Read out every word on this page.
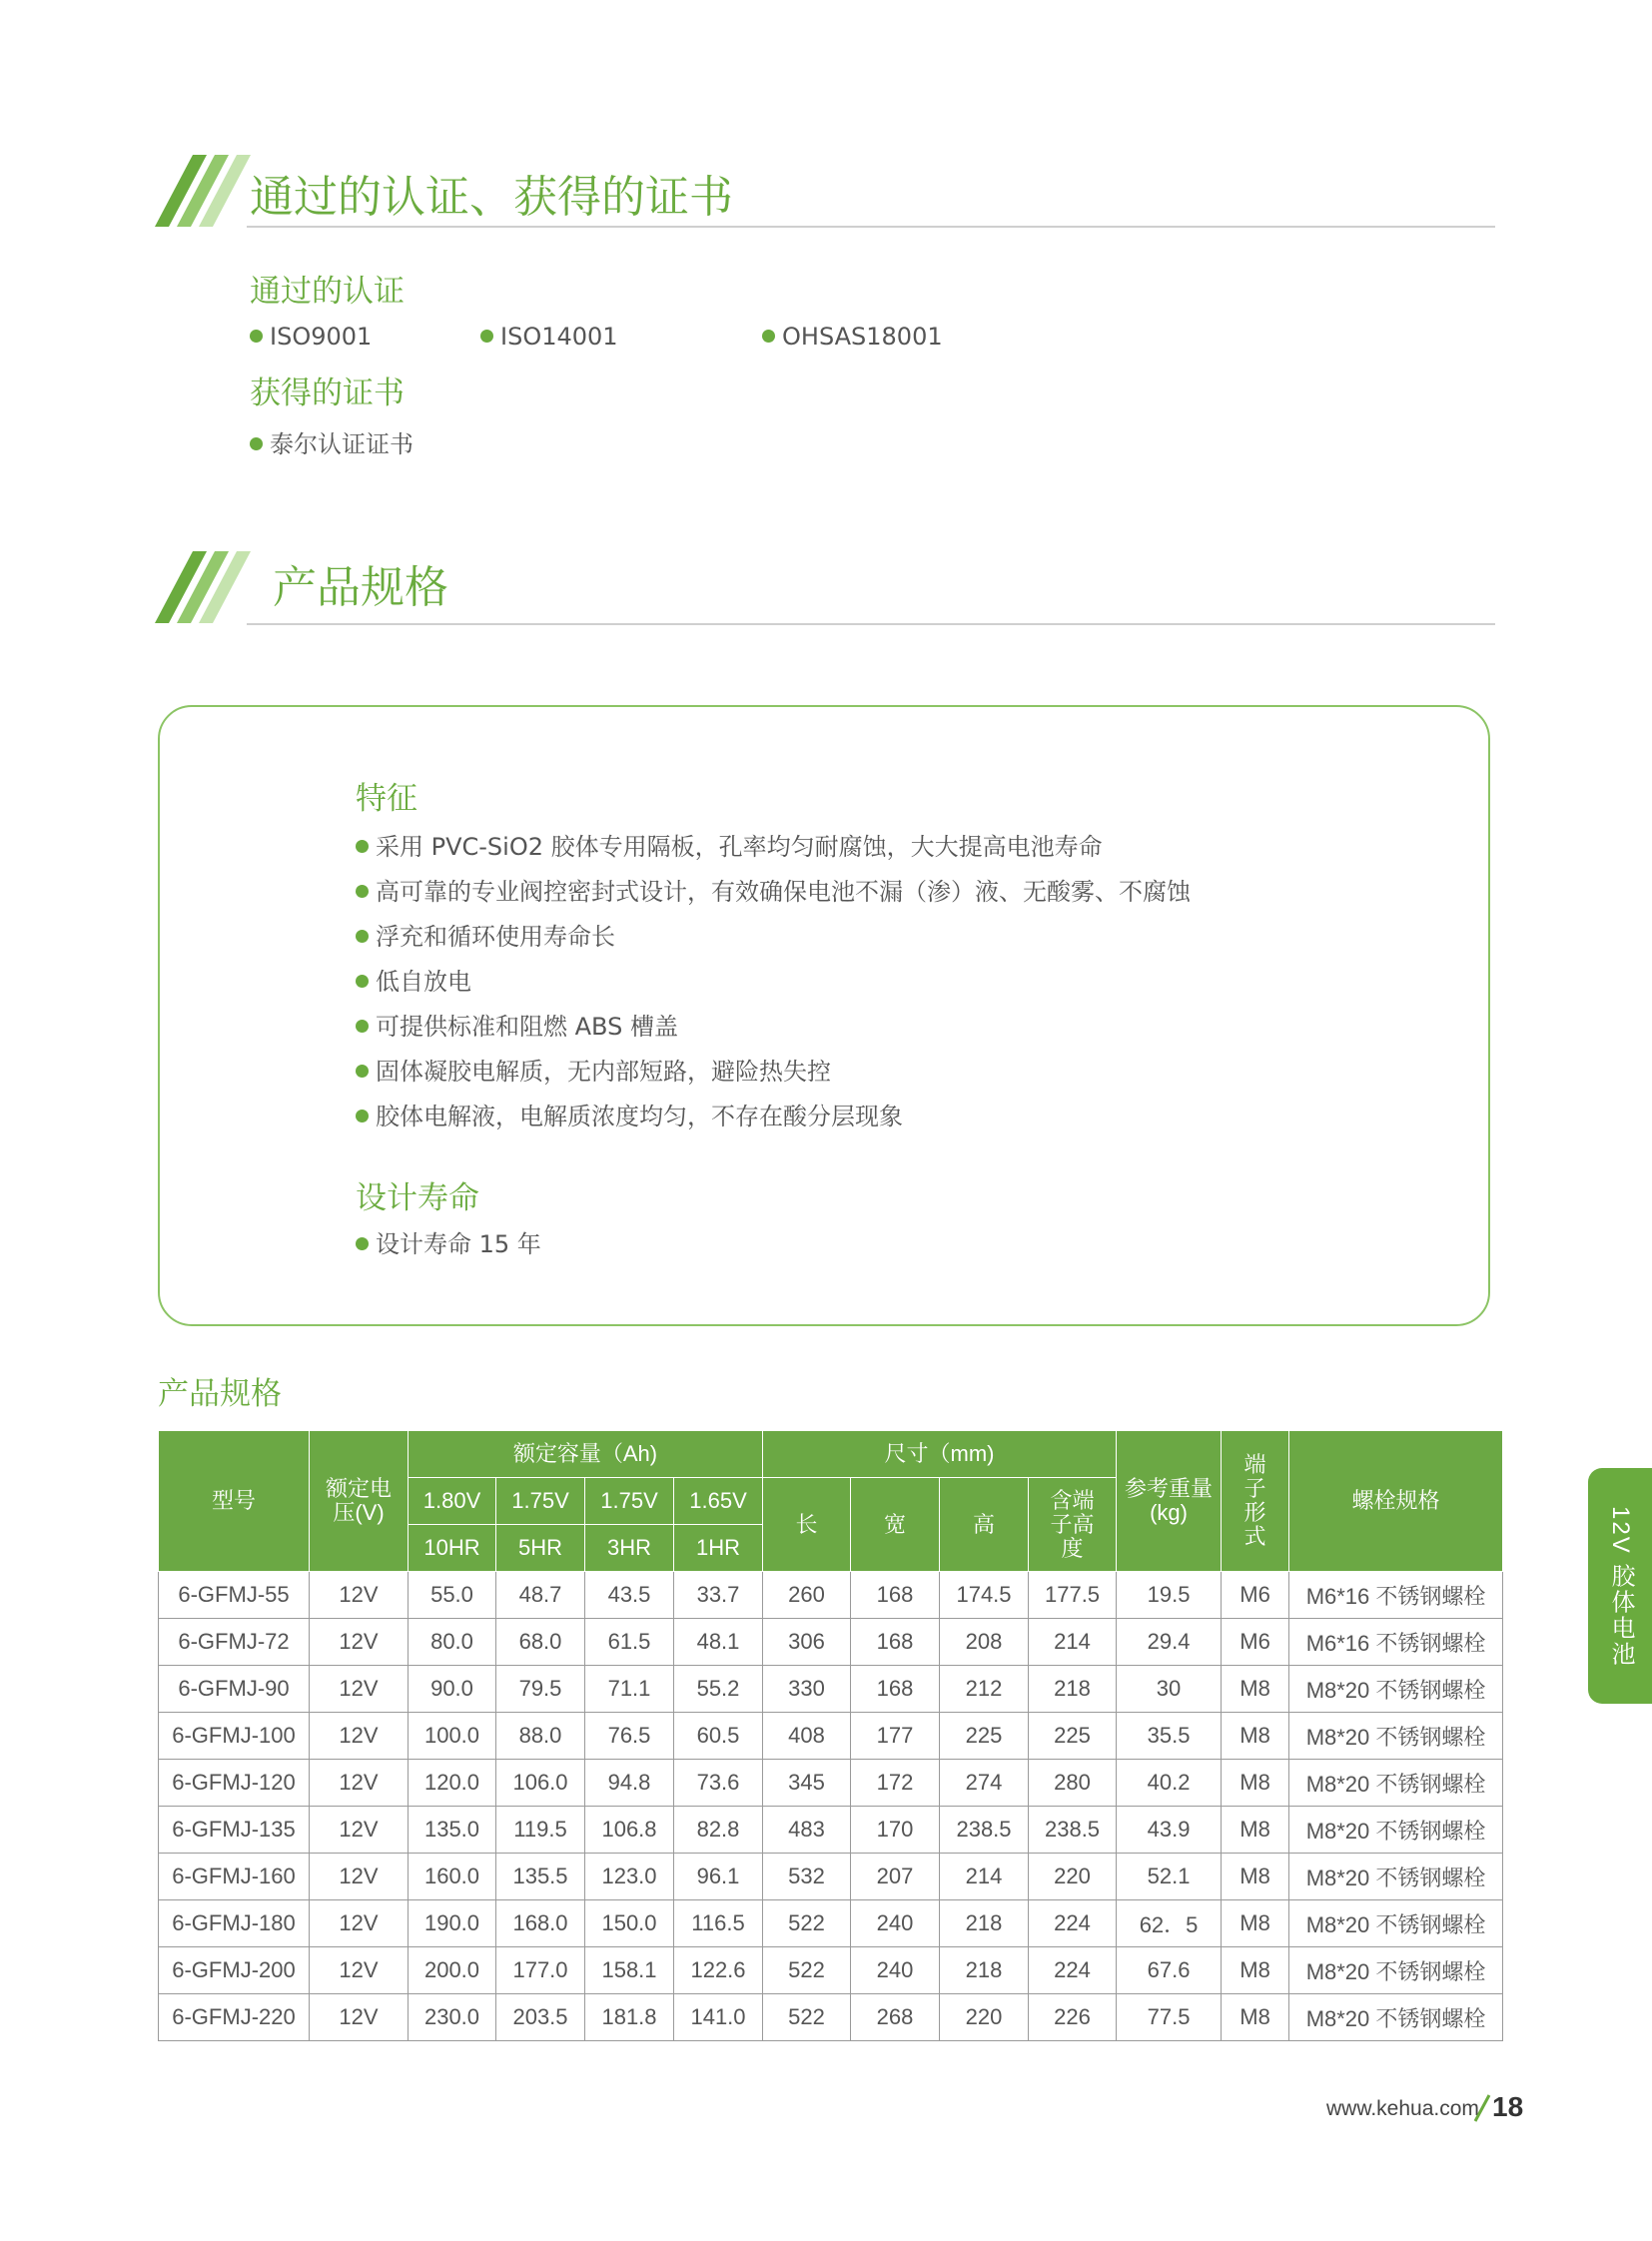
通过的认证、获得的证书
通过的认证
ISO9001	ISO14001	OHSAS18001
获得的证书
泰尔认证证书
产品规格
特征
采用 PVC-SiO2 胶体专用隔板，孔率均匀耐腐蚀，大大提高电池寿命
高可靠的专业阀控密封式设计，有效确保电池不漏（渗）液、无酸雾、不腐蚀
浮充和循环使用寿命长
低自放电
可提供标准和阻燃 ABS 槽盖
固体凝胶电解质，无内部短路，避险热失控
胶体电解液，电解质浓度均匀，不存在酸分层现象
设计寿命
设计寿命 15 年
产品规格
型号	额定电压(V)	额定容量（Ah)				尺寸（mm)				参考重量(kg)	端子形式	螺栓规格
		1.80V	1.75V	1.75V	1.65V	长	宽	高	含端子高度			
		10HR	5HR	3HR	1HR							
6-GFMJ-55	12V	55.0	48.7	43.5	33.7	260	168	174.5	177.5	19.5	M6	M6*16 不锈钢螺栓
6-GFMJ-72	12V	80.0	68.0	61.5	48.1	306	168	208	214	29.4	M6	M6*16 不锈钢螺栓
6-GFMJ-90	12V	90.0	79.5	71.1	55.2	330	168	212	218	30	M8	M8*20 不锈钢螺栓
6-GFMJ-100	12V	100.0	88.0	76.5	60.5	408	177	225	225	35.5	M8	M8*20 不锈钢螺栓
6-GFMJ-120	12V	120.0	106.0	94.8	73.6	345	172	274	280	40.2	M8	M8*20 不锈钢螺栓
6-GFMJ-135	12V	135.0	119.5	106.8	82.8	483	170	238.5	238.5	43.9	M8	M8*20 不锈钢螺栓
6-GFMJ-160	12V	160.0	135.5	123.0	96.1	532	207	214	220	52.1	M8	M8*20 不锈钢螺栓
6-GFMJ-180	12V	190.0	168.0	150.0	116.5	522	240	218	224	62．5	M8	M8*20 不锈钢螺栓
6-GFMJ-200	12V	200.0	177.0	158.1	122.6	522	240	218	224	67.6	M8	M8*20 不锈钢螺栓
6-GFMJ-220	12V	230.0	203.5	181.8	141.0	522	268	220	226	77.5	M8	M8*20 不锈钢螺栓
12V 胶体电池
www.kehua.com 18
